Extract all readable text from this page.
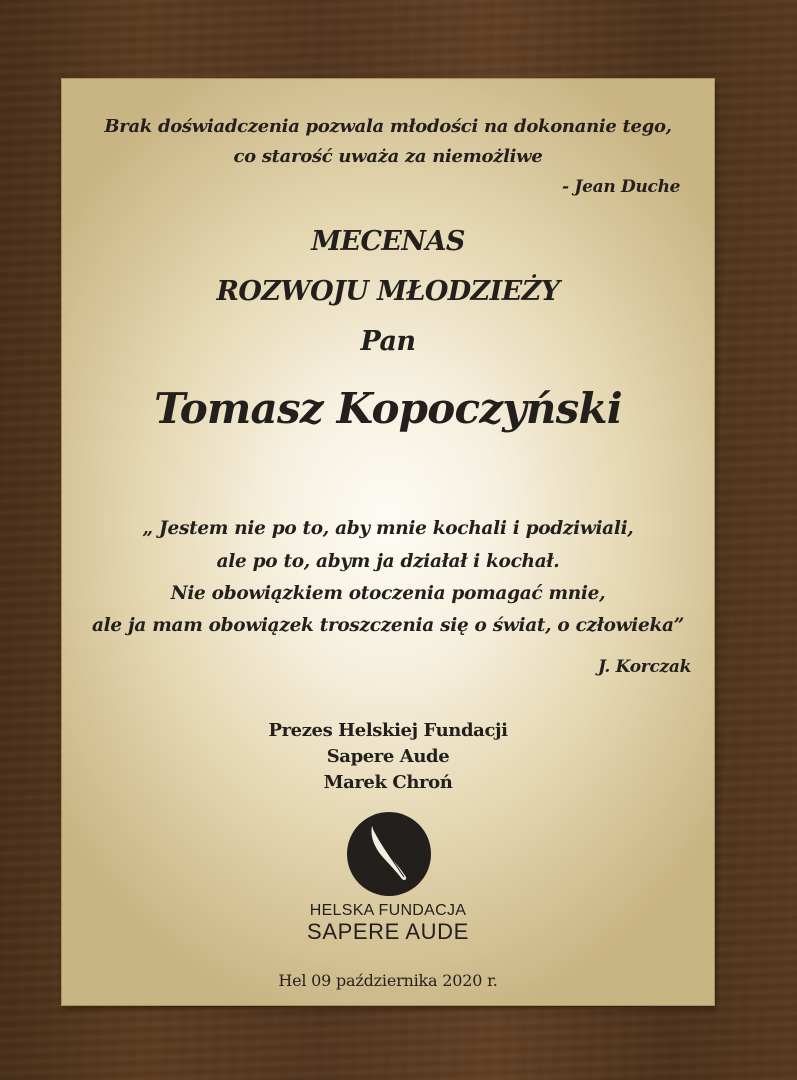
Brak doświadczenia pozwala młodości na dokonanie tego,
co starość uważa za niemożliwe
- Jean Duche
MECENAS
ROZWOJU MŁODZIEŻY
Pan
Tomasz Kopoczyński
„ Jestem nie po to, aby mnie kochali i podziwiali,
ale po to, abym ja działał i kochał.
Nie obowiązkiem otoczenia pomagać mnie,
ale ja mam obowiązek troszczenia się o świat, o człowieka”
J. Korczak
Prezes Helskiej Fundacji
Sapere Aude
Marek Chroń
HELSKA FUNDACJA
SAPERE AUDE
Hel 09 października 2020 r.
